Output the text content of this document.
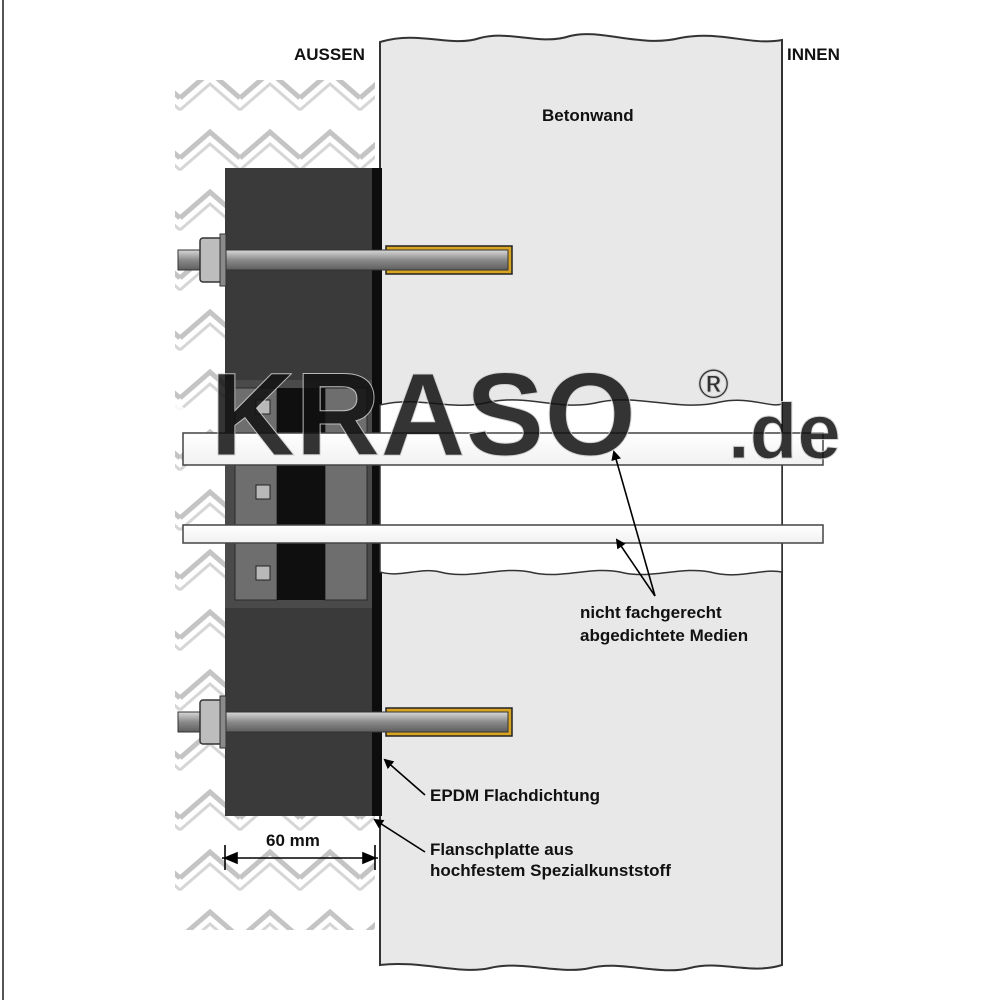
KRASO ®
.de
AUSSEN	INNEN
Betonwand
nicht fachgerecht
abgedichtete Medien
EPDM Flachdichtung
Flanschplatte aus
hochfestem Spezialkunststoff
60 mm
